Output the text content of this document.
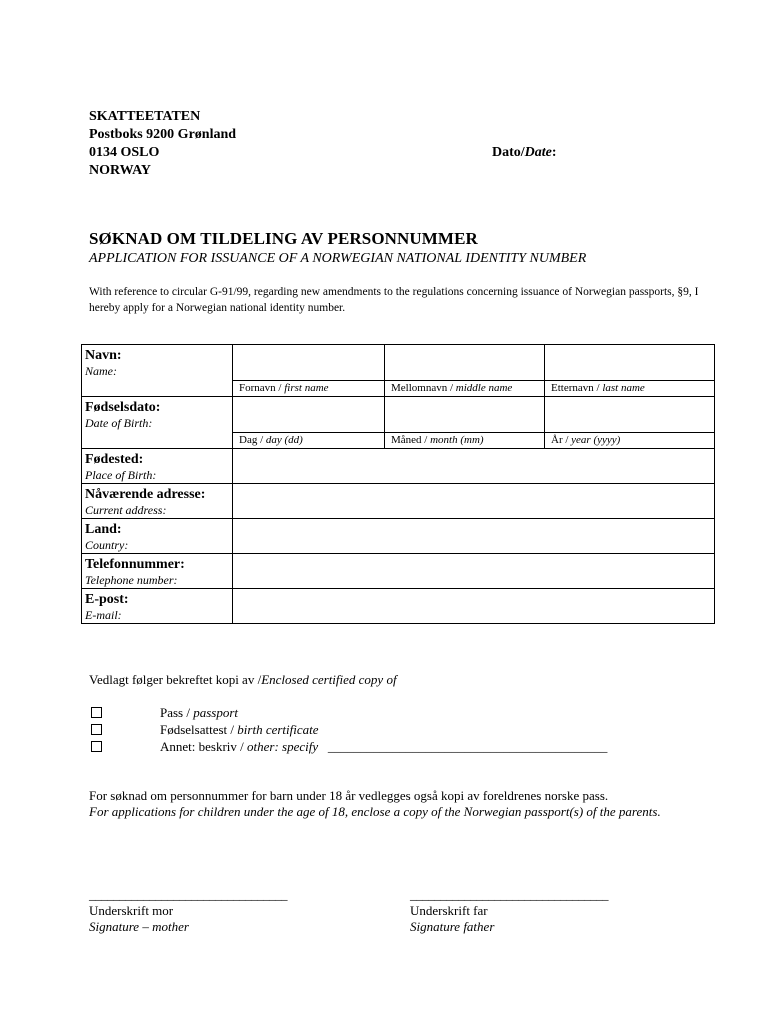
SKATTEETATEN
Postboks 9200 Grønland
0134 OSLO
NORWAY
Dato/Date:
SØKNAD OM TILDELING AV PERSONNUMMER
APPLICATION FOR ISSUANCE OF A NORWEGIAN NATIONAL IDENTITY NUMBER
With reference to circular G-91/99, regarding new amendments to the regulations concerning issuance of Norwegian passports, §9, I hereby apply for a Norwegian national identity number.
Navn:
Name:			

	Fornavn / first name	Mellomnavn / middle name	Etternavn / last name

Fødselsdato:
Date of Birth:			

	Dag / day (dd)	Måned / month (mm)	År / year (yyyy)

Fødested:
Place of Birth:			

Nåværende adresse:
Current address:			

Land:
Country:			

Telefonnummer:
Telephone number:			

E-post:
E-mail:			

Vedlagt følger bekreftet kopi av /Enclosed certified copy of
Pass / passport
Fødselsattest / birth certificate
Annet: beskriv / other: specify   ___________________________________________
For søknad om personnummer for barn under 18 år vedlegges også kopi av foreldrenes norske pass.
For applications for children under the age of 18, enclose a copy of the Norwegian passport(s) of the parents.
_________________________________
Underskrift mor
Signature – mother
_________________________________
Underskrift far
Signature father
